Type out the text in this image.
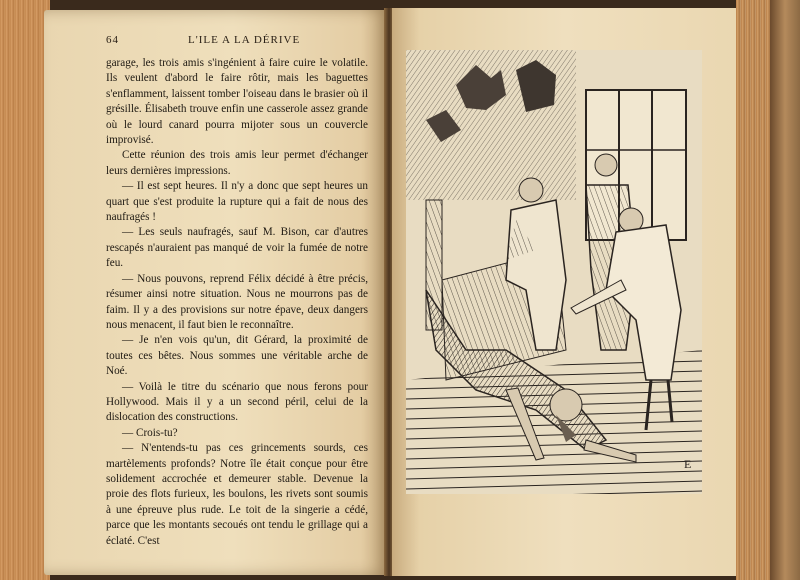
64	L'ILE A LA DÉRIVE

garage, les trois amis s'ingénient à faire cuire le volatile. Ils veulent d'abord le faire rôtir, mais les baguettes s'enflamment, laissent tomber l'oiseau dans le brasier où il grésille. Élisabeth trouve enfin une casserole assez grande où le lourd canard pourra mijoter sous un couvercle improvisé.

Cette réunion des trois amis leur permet d'échanger leurs dernières impressions.

— Il est sept heures. Il n'y a donc que sept heures un quart que s'est produite la rupture qui a fait de nous des naufragés !

— Les seuls naufragés, sauf M. Bison, car d'autres rescapés n'auraient pas manqué de voir la fumée de notre feu.

— Nous pouvons, reprend Félix décidé à être précis, résumer ainsi notre situation. Nous ne mourrons pas de faim. Il y a des provisions sur notre épave, deux dangers nous menacent, il faut bien le reconnaître.

— Je n'en vois qu'un, dit Gérard, la proximité de toutes ces bêtes. Nous sommes une véritable arche de Noé.

— Voilà le titre du scénario que nous ferons pour Hollywood. Mais il y a un second péril, celui de la dislocation des constructions.

— Crois-tu?

— N'entends-tu pas ces grincements sourds, ces martèlements profonds? Notre île était conçue pour être solidement accrochée et demeurer stable. Devenue la proie des flots furieux, les boulons, les rivets sont soumis à une épreuve plus rude. Le toit de la singerie a cédé, parce que les montants secoués ont tendu le grillage qui a éclaté. C'est

E
